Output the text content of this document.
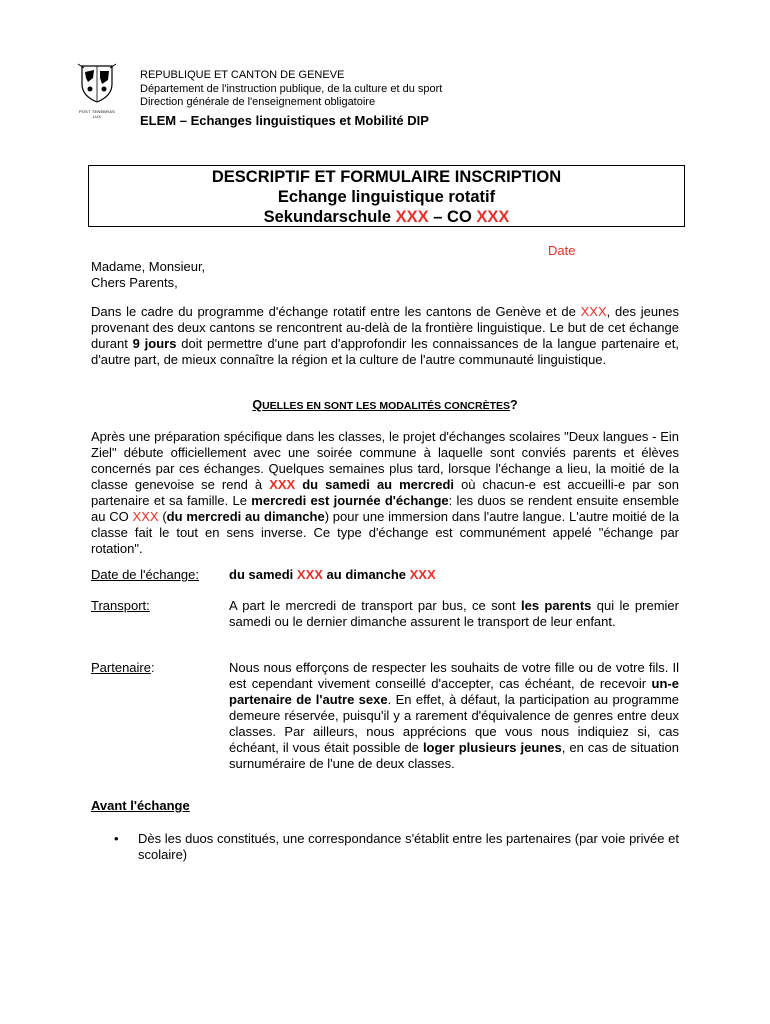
POST TENEBRAS LUX
REPUBLIQUE ET CANTON DE GENEVE
Département de l'instruction publique, de la culture et du sport
Direction générale de l'enseignement obligatoire
ELEM – Echanges linguistiques et Mobilité DIP
DESCRIPTIF ET FORMULAIRE INSCRIPTION
Echange linguistique rotatif
Sekundarschule XXX – CO XXX
Date
Madame, Monsieur,
Chers Parents,
Dans le cadre du programme d'échange rotatif entre les cantons de Genève et de XXX, des jeunes provenant des deux cantons se rencontrent au-delà de la frontière linguistique. Le but de cet échange durant 9 jours doit permettre d'une part d'approfondir les connaissances de la langue partenaire et, d'autre part, de mieux connaître la région et la culture de l'autre communauté linguistique.
QUELLES EN SONT LES MODALITÉS CONCRÈTES?
Après une préparation spécifique dans les classes, le projet d'échanges scolaires "Deux langues - Ein Ziel" débute officiellement avec une soirée commune à laquelle sont conviés parents et élèves concernés par ces échanges. Quelques semaines plus tard, lorsque l'échange a lieu, la moitié de la classe genevoise se rend à XXX du samedi au mercredi où chacun-e est accueilli-e par son partenaire et sa famille. Le mercredi est journée d'échange: les duos se rendent ensuite ensemble au CO XXX (du mercredi au dimanche) pour une immersion dans l'autre langue. L'autre moitié de la classe fait le tout en sens inverse. Ce type d'échange est communément appelé "échange par rotation".
Date de l'échange:	du samedi XXX au dimanche XXX
Transport:	A part le mercredi de transport par bus, ce sont les parents qui le premier samedi ou le dernier dimanche assurent le transport de leur enfant.
Partenaire:	Nous nous efforçons de respecter les souhaits de votre fille ou de votre fils. Il est cependant vivement conseillé d'accepter, cas échéant, de recevoir un-e partenaire de l'autre sexe. En effet, à défaut, la participation au programme demeure réservée, puisqu'il y a rarement d'équivalence de genres entre deux classes. Par ailleurs, nous apprécions que vous nous indiquiez si, cas échéant, il vous était possible de loger plusieurs jeunes, en cas de situation surnuméraire de l'une de deux classes.
Avant l'échange
• Dès les duos constitués, une correspondance s'établit entre les partenaires (par voie privée et scolaire)
